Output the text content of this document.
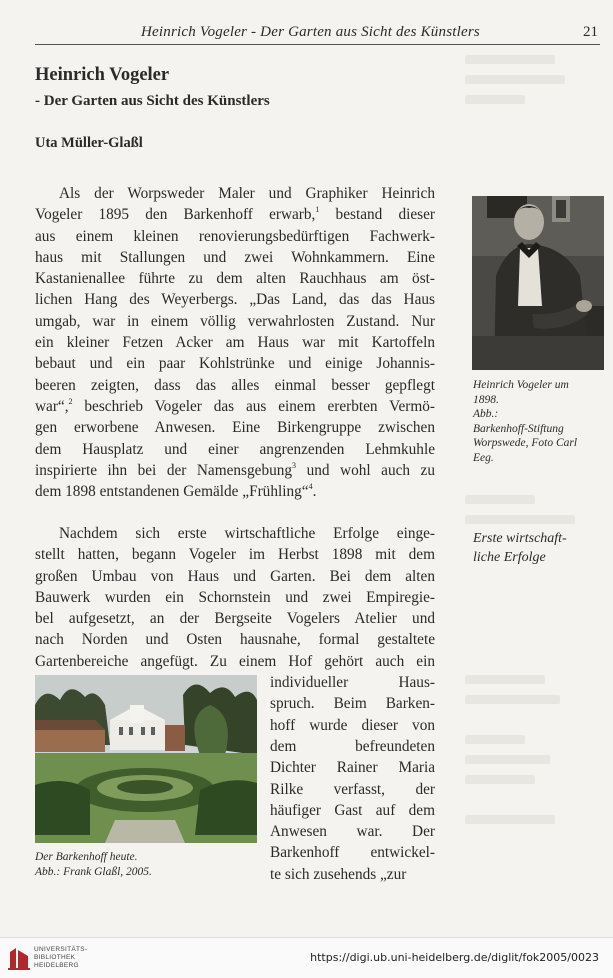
Heinrich Vogeler - Der Garten aus Sicht des Künstlers	21
Heinrich Vogeler
- Der Garten aus Sicht des Künstlers
Uta Müller-Glaßl

Als der Worpsweder Maler und Graphiker Heinrich
Vogeler 1895 den Barkenhoff erwarb,$^1$ bestand dieser
aus einem kleinen renovierungsbedürftigen Fachwerk-
haus mit Stallungen und zwei Wohnkammern. Eine
Kastanienallee führte zu dem alten Rauchhaus am öst-
lichen Hang des Weyerbergs. „Das Land, das das Haus
umgab, war in einem völlig verwahrlosten Zustand. Nur
ein kleiner Fetzen Acker am Haus war mit Kartoffeln
bebaut und ein paar Kohlstrünke und einige Johannis-
beeren zeigten, dass das alles einmal besser gepflegt
war“,$^2$ beschrieb Vogeler das aus einem ererbten Vermö-
gen erworbene Anwesen. Eine Birkengruppe zwischen
dem Hausplatz und einer angrenzenden Lehmkuhle
inspirierte ihn bei der Namensgebung$^3$ und wohl auch zu
dem 1898 entstandenen Gemälde „Frühling“$^4$.

Nachdem sich erste wirtschaftliche Erfolge einge-
stellt hatten, begann Vogeler im Herbst 1898 mit dem
großen Umbau von Haus und Garten. Bei dem alten
Bauwerk wurden ein Schornstein und zwei Empiregie-
bel aufgesetzt, an der Bergseite Vogelers Atelier und
nach Norden und Osten hausnahe, formal gestaltete
Gartenbereiche angefügt. Zu einem Hof gehört auch ein

individueller Haus-
spruch. Beim Barken-
hoff wurde dieser von
dem befreundeten
Dichter Rainer Maria
Rilke verfasst, der
häufiger Gast auf dem
Anwesen war. Der
Barkenhoff entwickel-
te sich zusehends „zur
Heinrich Vogeler um
1898.
Abb.:
Barkenhoff-Stiftung
Worpswede, Foto Carl
Eeg.
Erste wirtschaft-
liche Erfolge
Der Barkenhoff heute.
Abb.: Frank Glaßl, 2005.
UNIVERSITÄTS-
BIBLIOTHEK
HEIDELBERG
https://digi.ub.uni-heidelberg.de/diglit/fok2005/0023
